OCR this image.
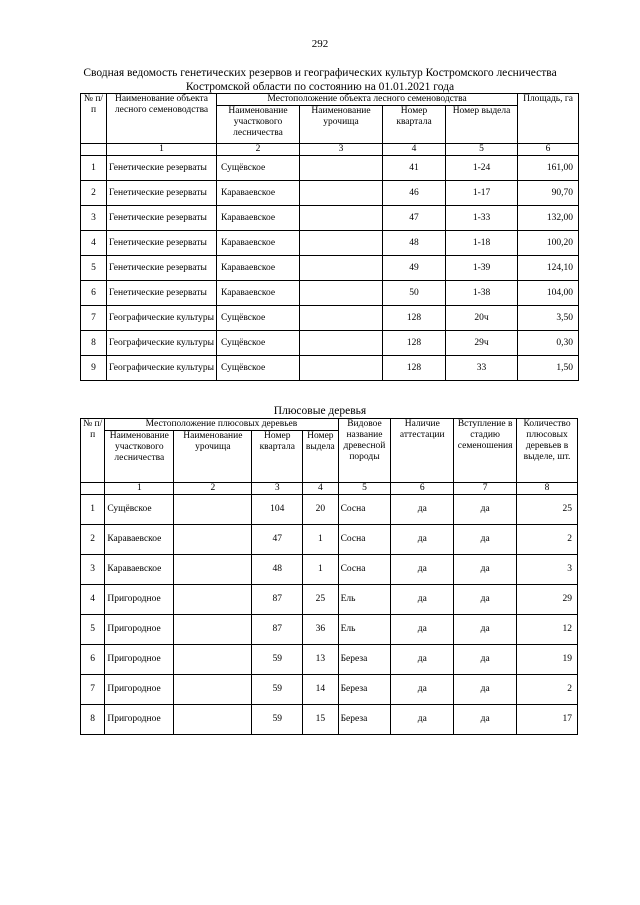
292
Сводная ведомость генетических резервов и географических культур Костромского лесничества Костромской области по состоянию на 01.01.2021 года
№ п/п	Наименование объекта лесного семеноводства	Местоположение объекта лесного семеноводства				Площадь, га
		Наименование участкового лесничества	Наименование урочища	Номер квартала	Номер выдела	
	1	2	3	4	5	6
1	Генетические резерваты	Сущёвское		41	1-24	161,00
2	Генетические резерваты	Караваевское		46	1-17	90,70
3	Генетические резерваты	Караваевское		47	1-33	132,00
4	Генетические резерваты	Караваевское		48	1-18	100,20
5	Генетические резерваты	Караваевское		49	1-39	124,10
6	Генетические резерваты	Караваевское		50	1-38	104,00
7	Географические культуры	Сущёвское		128	20ч	3,50
8	Географические культуры	Сущёвское		128	29ч	0,30
9	Географические культуры	Сущёвское		128	33	1,50
Плюсовые деревья
№ п/ п	Местоположение плюсовых деревьев				Видовое название древесной породы	Наличие аттестации	Вступление в стадию семеношения	Количество плюсовых деревьев в выделе, шт.
	Наименование участкового лесничества	Наименование урочища	Номер квартала	Номер выдела				
	1	2	3	4	5	6	7	8
1	Сущёвское		104	20	Сосна	да	да	25
2	Караваевское		47	1	Сосна	да	да	2
3	Караваевское		48	1	Сосна	да	да	3
4	Пригородное		87	25	Ель	да	да	29
5	Пригородное		87	36	Ель	да	да	12
6	Пригородное		59	13	Береза	да	да	19
7	Пригородное		59	14	Береза	да	да	2
8	Пригородное		59	15	Береза	да	да	17
